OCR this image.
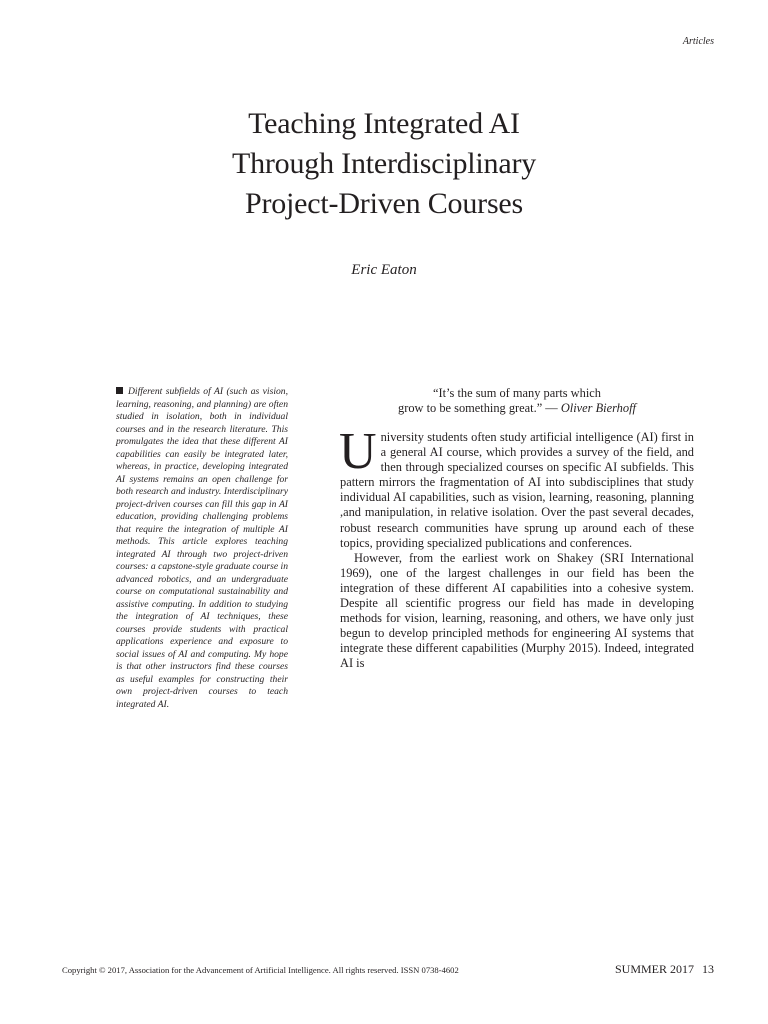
Articles
Teaching Integrated AI
Through Interdisciplinary
Project-Driven Courses
Eric Eaton
Different subfields of AI (such as vision, learning, reasoning, and planning) are often studied in isolation, both in individual courses and in the research literature. This promulgates the idea that these different AI capabilities can easily be integrated later, whereas, in practice, developing integrated AI systems remains an open challenge for both research and industry. Interdisciplinary project-driven courses can fill this gap in AI education, providing challenging problems that require the integration of multiple AI methods. This article explores teaching integrated AI through two project-driven courses: a capstone-style graduate course in advanced robotics, and an undergraduate course on computational sustainability and assistive computing. In addition to studying the integration of AI techniques, these courses provide students with practical applications experience and exposure to social issues of AI and computing. My hope is that other instructors find these courses as useful examples for constructing their own project-driven courses to teach integrated AI.
“It’s the sum of many parts which
grow to be something great.” — Oliver Bierhoff

University students often study artificial intelligence (AI) first in a general AI course, which provides a survey of the field, and then through specialized courses on specific AI subfields. This pattern mirrors the fragmentation of AI into subdisciplines that study individual AI capabilities, such as vision, learning, reasoning, planning ,and manipulation, in relative isolation. Over the past several decades, robust research communities have sprung up around each of these topics, providing specialized publications and conferences.

However, from the earliest work on Shakey (SRI International 1969), one of the largest challenges in our field has been the integration of these different AI capabilities into a cohesive system. Despite all scientific progress our field has made in developing methods for vision, learning, reasoning, and others, we have only just begun to develop principled methods for engineering AI systems that integrate these different capabilities (Murphy 2015). Indeed, integrated AI is

Copyright © 2017, Association for the Advancement of Artificial Intelligence. All rights reserved. ISSN 0738-4602	SUMMER 2017 13
